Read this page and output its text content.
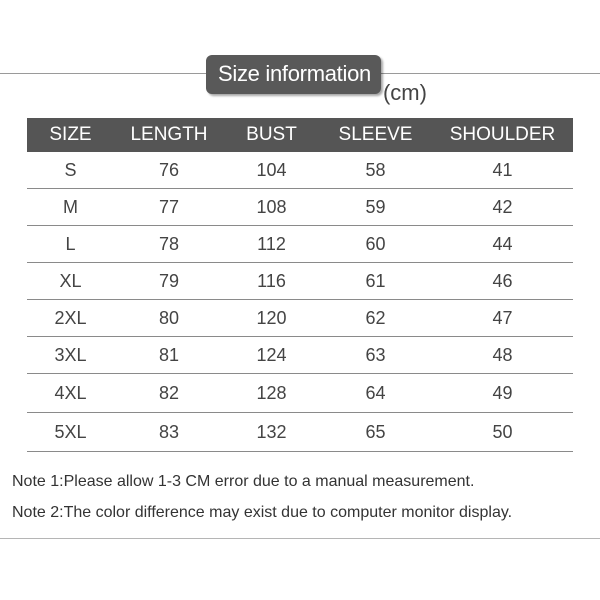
Size information
(cm)
SIZE	LENGTH	BUST	SLEEVE	SHOULDER
S	76	104	58	41
M	77	108	59	42
L	78	112	60	44
XL	79	116	61	46
2XL	80	120	62	47
3XL	81	124	63	48
4XL	82	128	64	49
5XL	83	132	65	50
Note 1:Please allow 1-3 CM error due to a manual measurement.
Note 2:The color difference may exist due to computer monitor display.
